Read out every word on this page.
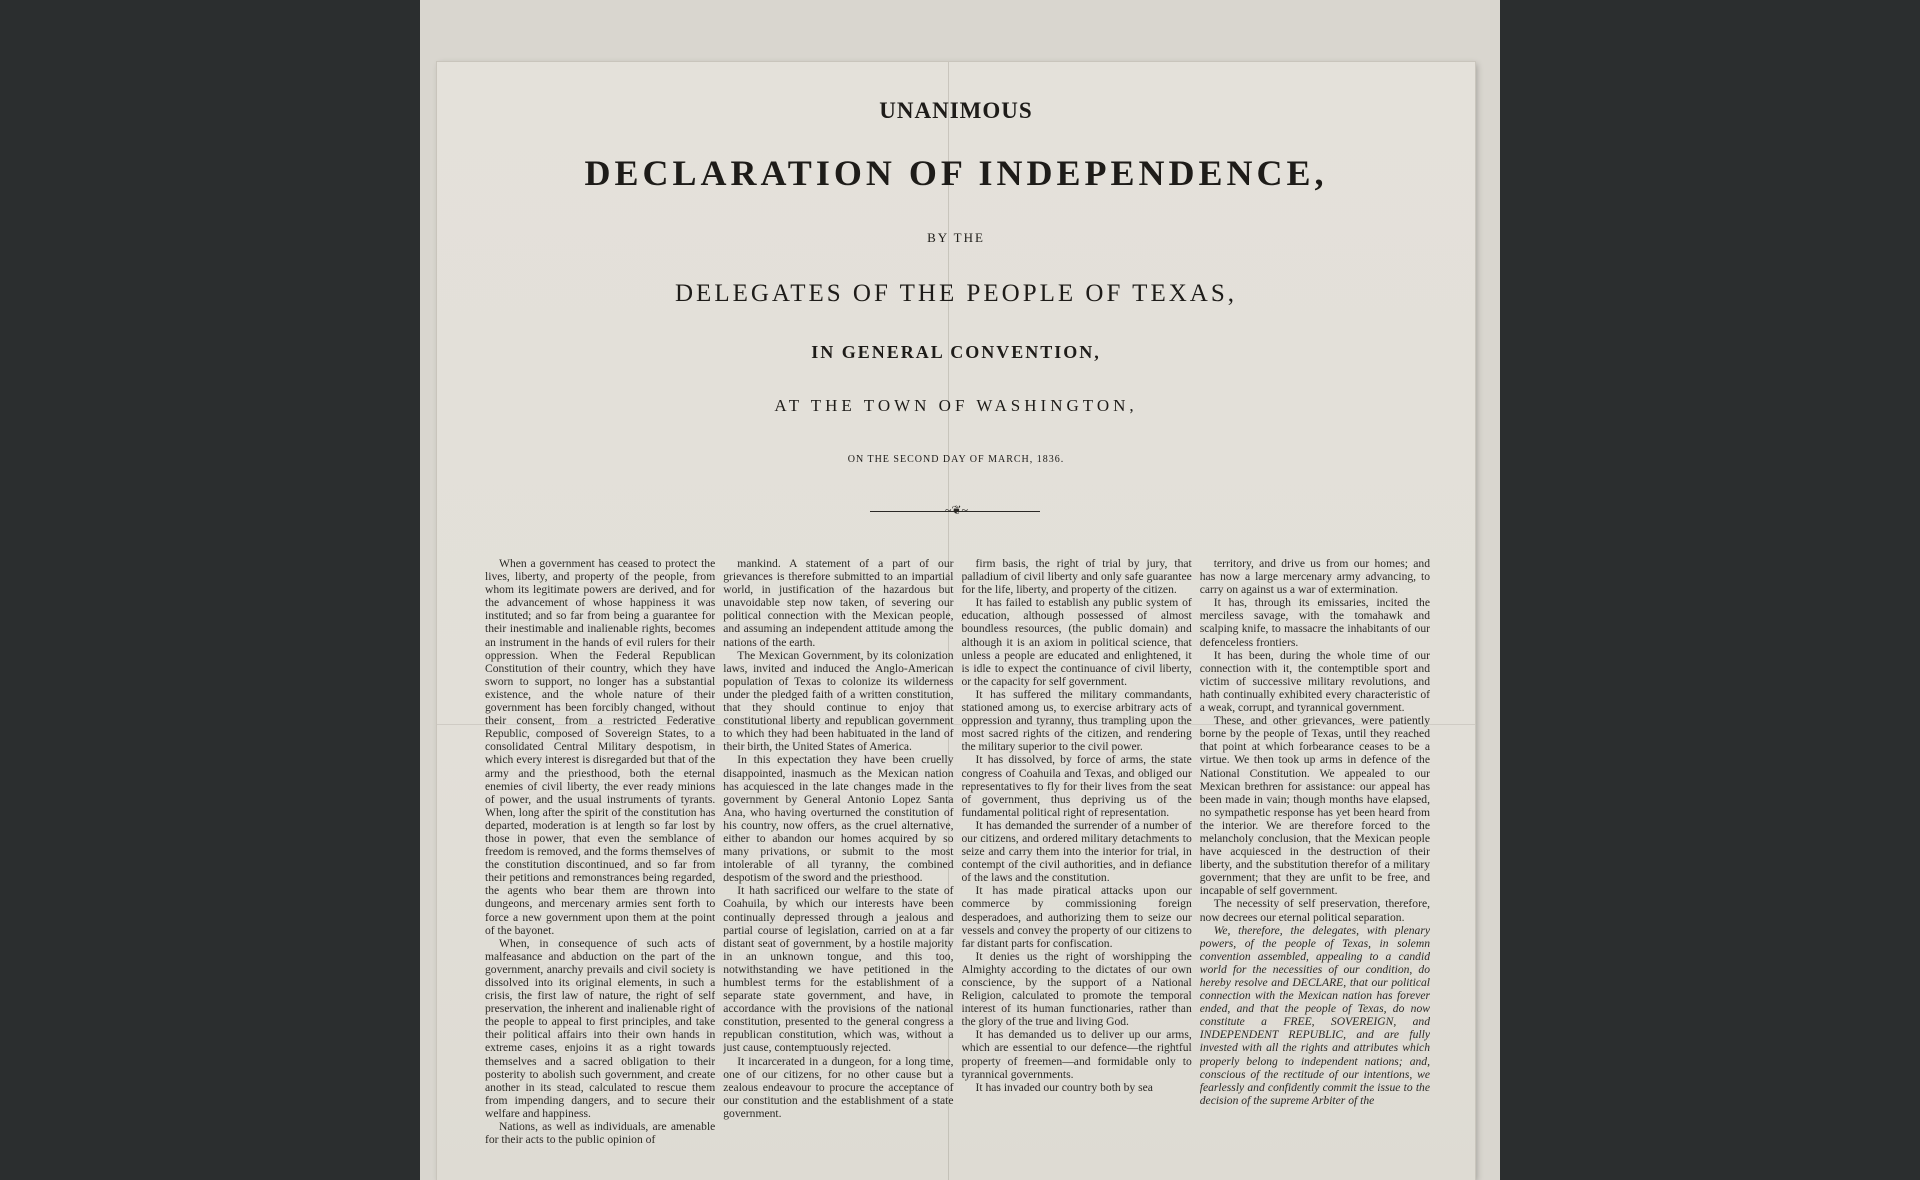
UNANIMOUS
DECLARATION OF INDEPENDENCE,
BY THE
DELEGATES OF THE PEOPLE OF TEXAS,
IN GENERAL CONVENTION,
AT THE TOWN OF WASHINGTON,
ON THE SECOND DAY OF MARCH, 1836.
~❦~

When a government has ceased to protect the lives, liberty, and property of the people, from whom its legitimate powers are derived, and for the advancement of whose happiness it was instituted; and so far from being a guarantee for their inestimable and inalienable rights, becomes an instrument in the hands of evil rulers for their oppression. When the Federal Republican Constitution of their country, which they have sworn to support, no longer has a substantial existence, and the whole nature of their government has been forcibly changed, without their consent, from a restricted Federative Republic, composed of Sovereign States, to a consolidated Central Military despotism, in which every interest is disregarded but that of the army and the priesthood, both the eternal enemies of civil liberty, the ever ready minions of power, and the usual instruments of tyrants. When, long after the spirit of the constitution has departed, moderation is at length so far lost by those in power, that even the semblance of freedom is removed, and the forms themselves of the constitution discontinued, and so far from their petitions and remonstrances being regarded, the agents who bear them are thrown into dungeons, and mercenary armies sent forth to force a new government upon them at the point of the bayonet.

When, in consequence of such acts of malfeasance and abduction on the part of the government, anarchy prevails and civil society is dissolved into its original elements, in such a crisis, the first law of nature, the right of self preservation, the inherent and inalienable right of the people to appeal to first principles, and take their political affairs into their own hands in extreme cases, enjoins it as a right towards themselves and a sacred obligation to their posterity to abolish such government, and create another in its stead, calculated to rescue them from impending dangers, and to secure their welfare and happiness.

Nations, as well as individuals, are amenable for their acts to the public opinion of

mankind. A statement of a part of our grievances is therefore submitted to an impartial world, in justification of the hazardous but unavoidable step now taken, of severing our political connection with the Mexican people, and assuming an independent attitude among the nations of the earth.

The Mexican Government, by its colonization laws, invited and induced the Anglo-American population of Texas to colonize its wilderness under the pledged faith of a written constitution, that they should continue to enjoy that constitutional liberty and republican government to which they had been habituated in the land of their birth, the United States of America.

In this expectation they have been cruelly disappointed, inasmuch as the Mexican nation has acquiesced in the late changes made in the government by General Antonio Lopez Santa Ana, who having overturned the constitution of his country, now offers, as the cruel alternative, either to abandon our homes acquired by so many privations, or submit to the most intolerable of all tyranny, the combined despotism of the sword and the priesthood.

It hath sacrificed our welfare to the state of Coahuila, by which our interests have been continually depressed through a jealous and partial course of legislation, carried on at a far distant seat of government, by a hostile majority in an unknown tongue, and this too, notwithstanding we have petitioned in the humblest terms for the establishment of a separate state government, and have, in accordance with the provisions of the national constitution, presented to the general congress a republican constitution, which was, without a just cause, contemptuously rejected.

It incarcerated in a dungeon, for a long time, one of our citizens, for no other cause but a zealous endeavour to procure the acceptance of our constitution and the establishment of a state government.

firm basis, the right of trial by jury, that palladium of civil liberty and only safe guarantee for the life, liberty, and property of the citizen.

It has failed to establish any public system of education, although possessed of almost boundless resources, (the public domain) and although it is an axiom in political science, that unless a people are educated and enlightened, it is idle to expect the continuance of civil liberty, or the capacity for self government.

It has suffered the military commandants, stationed among us, to exercise arbitrary acts of oppression and tyranny, thus trampling upon the most sacred rights of the citizen, and rendering the military superior to the civil power.

It has dissolved, by force of arms, the state congress of Coahuila and Texas, and obliged our representatives to fly for their lives from the seat of government, thus depriving us of the fundamental political right of representation.

It has demanded the surrender of a number of our citizens, and ordered military detachments to seize and carry them into the interior for trial, in contempt of the civil authorities, and in defiance of the laws and the constitution.

It has made piratical attacks upon our commerce by commissioning foreign desperadoes, and authorizing them to seize our vessels and convey the property of our citizens to far distant parts for confiscation.

It denies us the right of worshipping the Almighty according to the dictates of our own conscience, by the support of a National Religion, calculated to promote the temporal interest of its human functionaries, rather than the glory of the true and living God.

It has demanded us to deliver up our arms, which are essential to our defence—the rightful property of freemen—and formidable only to tyrannical governments.

It has invaded our country both by sea

territory, and drive us from our homes; and has now a large mercenary army advancing, to carry on against us a war of extermination.

It has, through its emissaries, incited the merciless savage, with the tomahawk and scalping knife, to massacre the inhabitants of our defenceless frontiers.

It has been, during the whole time of our connection with it, the contemptible sport and victim of successive military revolutions, and hath continually exhibited every characteristic of a weak, corrupt, and tyrannical government.

These, and other grievances, were patiently borne by the people of Texas, until they reached that point at which forbearance ceases to be a virtue. We then took up arms in defence of the National Constitution. We appealed to our Mexican brethren for assistance: our appeal has been made in vain; though months have elapsed, no sympathetic response has yet been heard from the interior. We are therefore forced to the melancholy conclusion, that the Mexican people have acquiesced in the destruction of their liberty, and the substitution therefor of a military government; that they are unfit to be free, and incapable of self government.

The necessity of self preservation, therefore, now decrees our eternal political separation.

We, therefore, the delegates, with plenary powers, of the people of Texas, in solemn convention assembled, appealing to a candid world for the necessities of our condition, do hereby resolve and DECLARE, that our political connection with the Mexican nation has forever ended, and that the people of Texas, do now constitute a FREE, SOVEREIGN, and INDEPENDENT REPUBLIC, and are fully invested with all the rights and attributes which properly belong to independent nations; and, conscious of the rectitude of our intentions, we fearlessly and confidently commit the issue to the decision of the supreme Arbiter of the
